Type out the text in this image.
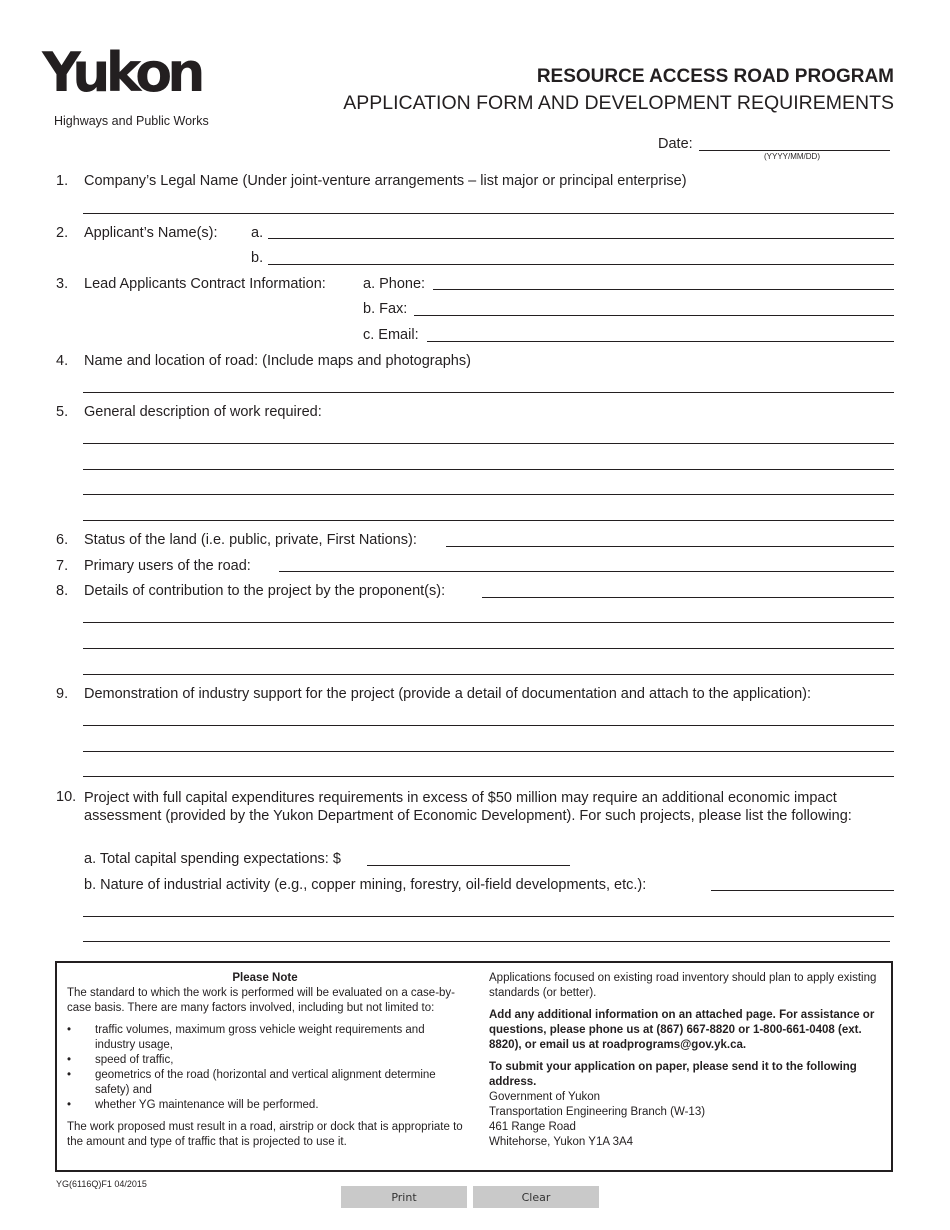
Yukon
Highways and Public Works
RESOURCE ACCESS ROAD PROGRAM
APPLICATION FORM AND DEVELOPMENT REQUIREMENTS
Date:
(YYYY/MM/DD)
1. Company’s Legal Name (Under joint-venture arrangements – list major or principal enterprise)
2. Applicant’s Name(s): a.
b.
3. Lead Applicants Contract Information:	a. Phone:
b. Fax:
c. Email:
4. Name and location of road: (Include maps and photographs)
5. General description of work required:
6. Status of the land (i.e. public, private, First Nations):
7. Primary users of the road:
8. Details of contribution to the project by the proponent(s):
9. Demonstration of industry support for the project (provide a detail of documentation and attach to the application):
10. Project with full capital expenditures requirements in excess of $50 million may require an additional economic impact assessment (provided by the Yukon Department of Economic Development). For such projects, please list the following:
a. Total capital spending expectations: $
b. Nature of industrial activity (e.g., copper mining, forestry, oil-field developments, etc.):
Please Note
The standard to which the work is performed will be evaluated on a case-by-case basis. There are many factors involved, including but not limited to:
• traffic volumes, maximum gross vehicle weight requirements and industry usage,
• speed of traffic,
• geometrics of the road (horizontal and vertical alignment determine safety) and
• whether YG maintenance will be performed.
The work proposed must result in a road, airstrip or dock that is appropriate to the amount and type of traffic that is projected to use it.
Applications focused on existing road inventory should plan to apply existing standards (or better).
Add any additional information on an attached page. For assistance or questions, please phone us at (867) 667-8820 or 1-800-661-0408 (ext. 8820), or email us at roadprograms@gov.yk.ca.
To submit your application on paper, please send it to the following address.
Government of Yukon
Transportation Engineering Branch (W-13)
461 Range Road
Whitehorse, Yukon Y1A 3A4
YG(6116Q)F1 04/2015
Print	Clear
